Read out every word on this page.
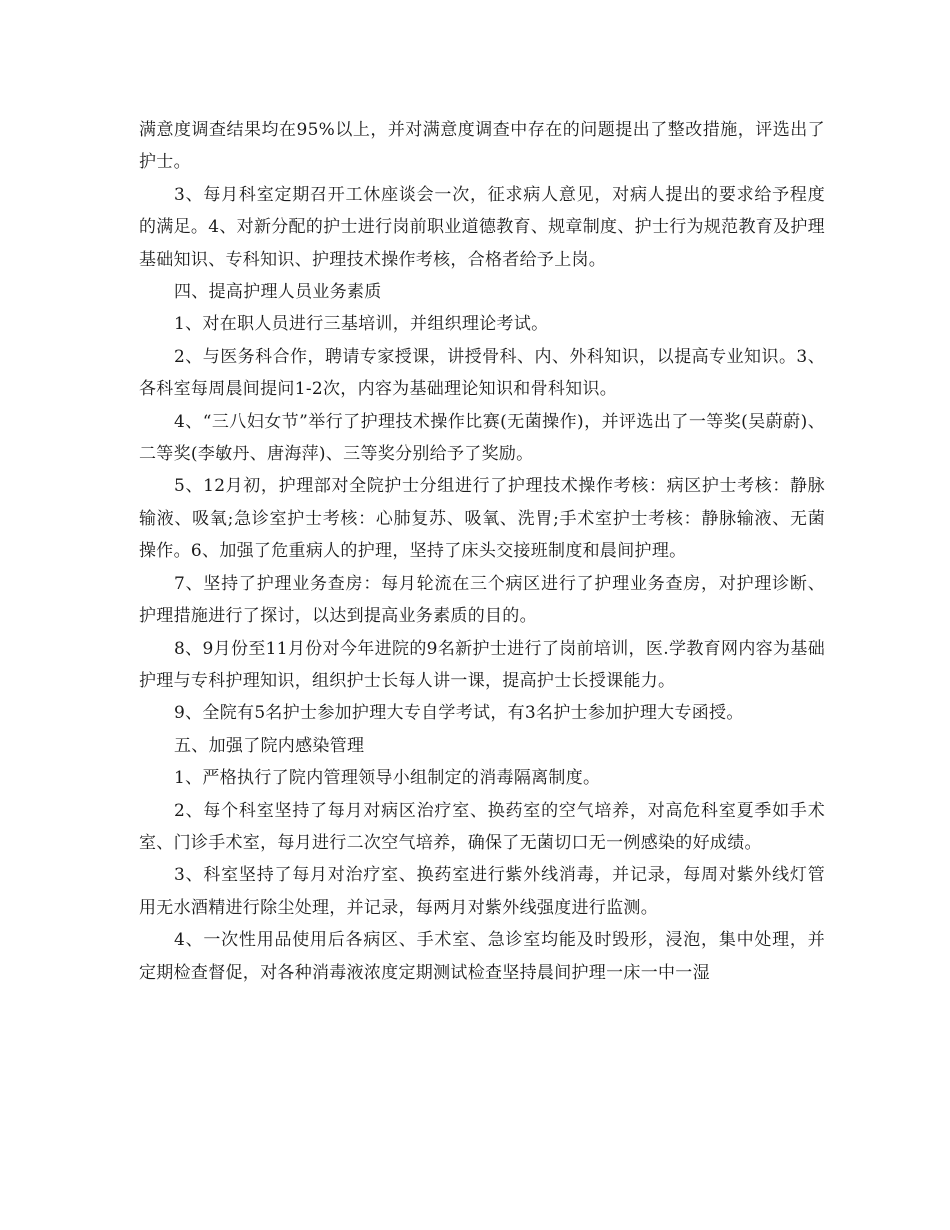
满意度调查结果均在95%以上，并对满意度调查中存在的问题提出了整改措施，评选出了护士。

3、每月科室定期召开工休座谈会一次，征求病人意见，对病人提出的要求给予程度的满足。4、对新分配的护士进行岗前职业道德教育、规章制度、护士行为规范教育及护理基础知识、专科知识、护理技术操作考核，合格者给予上岗。

四、提高护理人员业务素质

1、对在职人员进行三基培训，并组织理论考试。

2、与医务科合作，聘请专家授课，讲授骨科、内、外科知识，以提高专业知识。3、各科室每周晨间提问1-2次，内容为基础理论知识和骨科知识。

4、“三八妇女节”举行了护理技术操作比赛(无菌操作)，并评选出了一等奖(吴蔚蔚)、二等奖(李敏丹、唐海萍)、三等奖分别给予了奖励。

5、12月初，护理部对全院护士分组进行了护理技术操作考核：病区护士考核：静脉输液、吸氧;急诊室护士考核：心肺复苏、吸氧、洗胃;手术室护士考核：静脉输液、无菌操作。6、加强了危重病人的护理，坚持了床头交接班制度和晨间护理。

7、坚持了护理业务查房：每月轮流在三个病区进行了护理业务查房，对护理诊断、护理措施进行了探讨，以达到提高业务素质的目的。

8、9月份至11月份对今年进院的9名新护士进行了岗前培训，医.学教育网内容为基础护理与专科护理知识，组织护士长每人讲一课，提高护士长授课能力。

9、全院有5名护士参加护理大专自学考试，有3名护士参加护理大专函授。

五、加强了院内感染管理

1、严格执行了院内管理领导小组制定的消毒隔离制度。

2、每个科室坚持了每月对病区治疗室、换药室的空气培养，对高危科室夏季如手术室、门诊手术室，每月进行二次空气培养，确保了无菌切口无一例感染的好成绩。

3、科室坚持了每月对治疗室、换药室进行紫外线消毒，并记录，每周对紫外线灯管用无水酒精进行除尘处理，并记录，每两月对紫外线强度进行监测。

4、一次性用品使用后各病区、手术室、急诊室均能及时毁形，浸泡，集中处理，并定期检查督促，对各种消毒液浓度定期测试检查坚持晨间护理一床一中一湿
